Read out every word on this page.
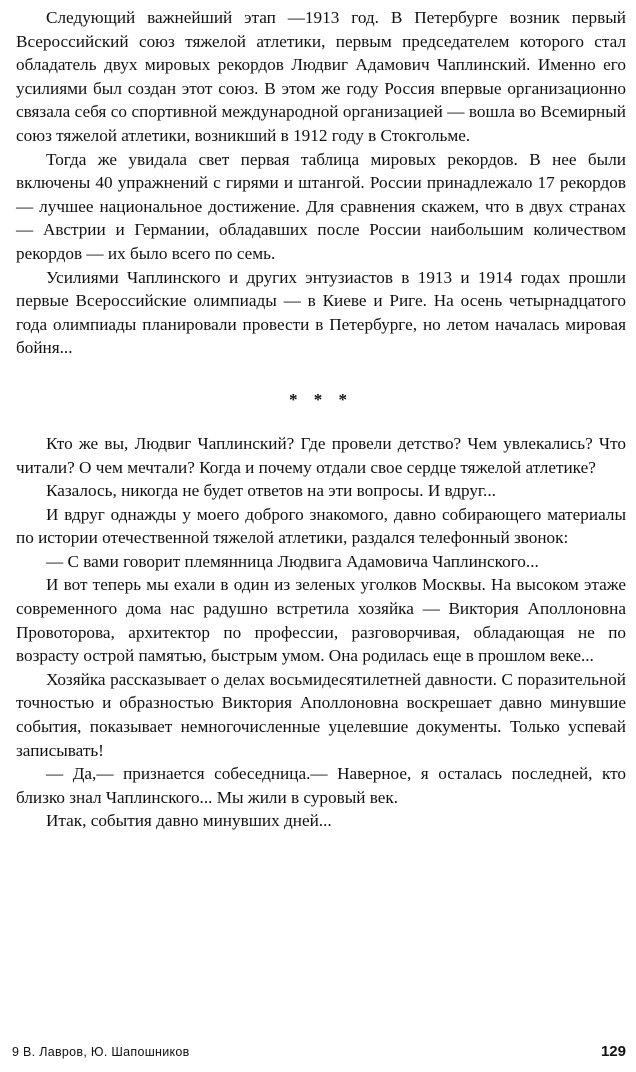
Следующий важнейший этап —1913 год. В Петербурге возник первый Всероссийский союз тяжелой атлетики, первым председателем которого стал обладатель двух мировых рекордов Людвиг Адамович Чаплинский. Именно его усилиями был создан этот союз. В этом же году Россия впервые организационно связала себя со спортивной международной организацией — вошла во Всемирный союз тяжелой атлетики, возникший в 1912 году в Стокгольме.

Тогда же увидала свет первая таблица мировых рекордов. В нее были включены 40 упражнений с гирями и штангой. России принадлежало 17 рекордов — лучшее национальное достижение. Для сравнения скажем, что в двух странах — Австрии и Германии, обладавших после России наибольшим количеством рекордов — их было всего по семь.

Усилиями Чаплинского и других энтузиастов в 1913 и 1914 годах прошли первые Всероссийские олимпиады — в Киеве и Риге. На осень четырнадцатого года олимпиады планировали провести в Петербурге, но летом началась мировая бойня...

* * *

Кто же вы, Людвиг Чаплинский? Где провели детство? Чем увлекались? Что читали? О чем мечтали? Когда и почему отдали свое сердце тяжелой атлетике?

Казалось, никогда не будет ответов на эти вопросы. И вдруг...

И вдруг однажды у моего доброго знакомого, давно собирающего материалы по истории отечественной тяжелой атлетики, раздался телефонный звонок:

— С вами говорит племянница Людвига Адамовича Чаплинского...

И вот теперь мы ехали в один из зеленых уголков Москвы. На высоком этаже современного дома нас радушно встретила хозяйка — Виктория Аполлоновна Провоторова, архитектор по профессии, разговорчивая, обладающая не по возрасту острой памятью, быстрым умом. Она родилась еще в прошлом веке...

Хозяйка рассказывает о делах восьмидесятилетней давности. С поразительной точностью и образностью Виктория Аполлоновна воскрешает давно минувшие события, показывает немногочисленные уцелевшие документы. Только успевай записывать!

— Да,— признается собеседница.— Наверное, я осталась последней, кто близко знал Чаплинского... Мы жили в суровый век.

Итак, события давно минувших дней...

9 В. Лавров, Ю. Шапошников	129
